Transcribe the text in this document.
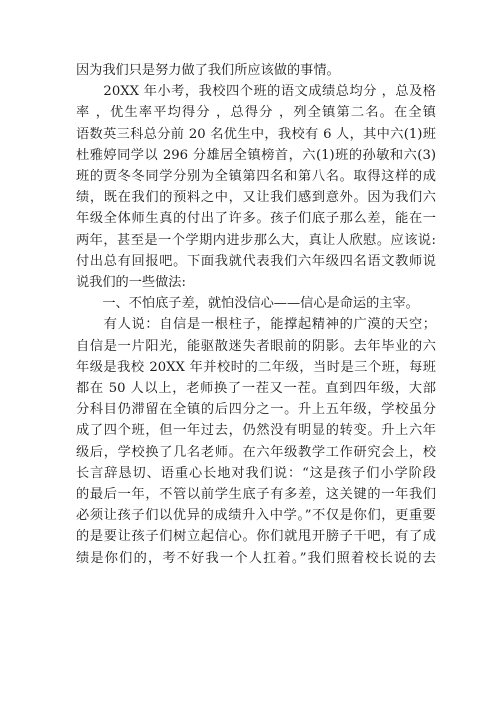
因为我们只是努力做了我们所应该做的事情。
　　20XX 年小考，我校四个班的语文成绩总均分 ，总及格
率 ，优生率平均得分 ，总得分 ，列全镇第二名。在全镇
语数英三科总分前 20 名优生中，我校有 6 人，其中六(1)班
杜雅婷同学以 296 分雄居全镇榜首，六(1)班的孙敏和六(3)
班的贾冬冬同学分别为全镇第四名和第八名。取得这样的成
绩，既在我们的预料之中，又让我们感到意外。因为我们六
年级全体师生真的付出了许多。孩子们底子那么差，能在一
两年，甚至是一个学期内进步那么大，真让人欣慰。应该说:
付出总有回报吧。下面我就代表我们六年级四名语文教师说
说我们的一些做法:
　　一、不怕底子差，就怕没信心——信心是命运的主宰。
　　有人说：自信是一根柱子，能撑起精神的广漠的天空；
自信是一片阳光，能驱散迷失者眼前的阴影。去年毕业的六
年级是我校 20XX 年并校时的二年级，当时是三个班，每班
都在 50 人以上，老师换了一茬又一茬。直到四年级，大部
分科目仍滞留在全镇的后四分之一。升上五年级，学校虽分
成了四个班，但一年过去，仍然没有明显的转变。升上六年
级后，学校换了几名老师。在六年级教学工作研究会上，校
长言辞恳切、语重心长地对我们说：“这是孩子们小学阶段
的最后一年，不管以前学生底子有多差，这关键的一年我们
必须让孩子们以优异的成绩升入中学。”不仅是你们，更重要
的是要让孩子们树立起信心。你们就甩开膀子干吧，有了成
绩是你们的，考不好我一个人扛着。”我们照着校长说的去
